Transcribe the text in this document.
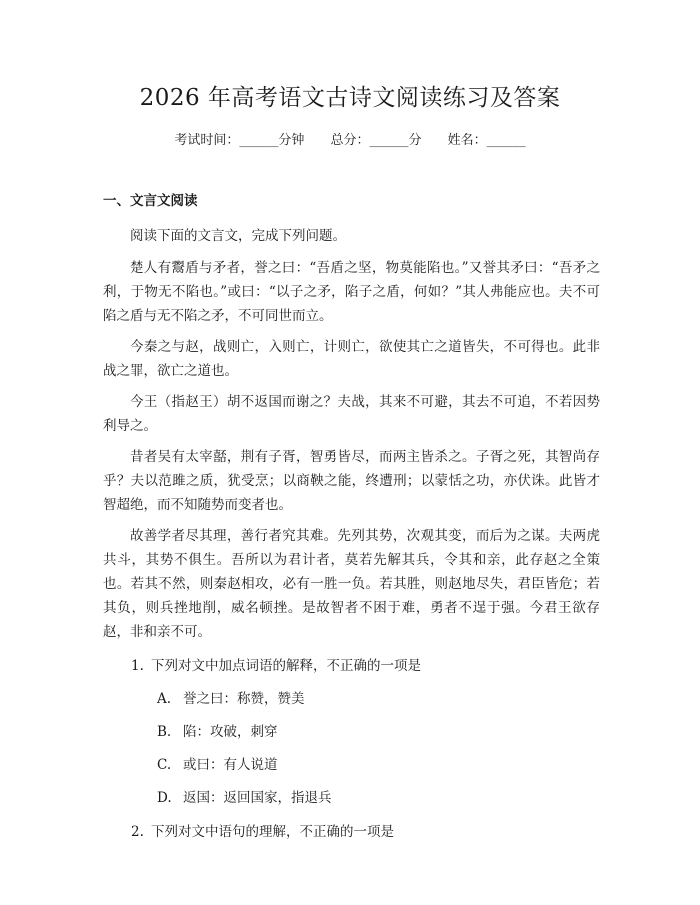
2026 年高考语文古诗文阅读练习及答案
考试时间：______分钟 总分：______分 姓名：______
一、文言文阅读

阅读下面的文言文，完成下列问题。

楚人有鬻盾与矛者，誉之曰：“吾盾之坚，物莫能陷也。”又誉其矛曰：“吾矛之利，于物无不陷也。”或曰：“以子之矛，陷子之盾，何如？”其人弗能应也。夫不可陷之盾与无不陷之矛，不可同世而立。

今秦之与赵，战则亡，入则亡，计则亡，欲使其亡之道皆失，不可得也。此非战之罪，欲亡之道也。

今王（指赵王）胡不返国而谢之？夫战，其来不可避，其去不可追，不若因势利导之。

昔者吴有太宰嚭，荆有子胥，智勇皆尽，而两主皆杀之。子胥之死，其智尚存乎？夫以范雎之质，犹受烹；以商鞅之能，终遭刑；以蒙恬之功，亦伏诛。此皆才智超绝，而不知随势而变者也。

故善学者尽其理，善行者究其难。先列其势，次观其变，而后为之谋。夫两虎共斗，其势不俱生。吾所以为君计者，莫若先解其兵，令其和亲，此存赵之全策也。若其不然，则秦赵相攻，必有一胜一负。若其胜，则赵地尽失，君臣皆危；若其负，则兵挫地削，威名顿挫。是故智者不困于难，勇者不逞于强。今君王欲存赵，非和亲不可。

1. 下列对文中加点词语的解释，不正确的一项是
A. 誉之曰：称赞，赞美
B. 陷：攻破，刺穿
C. 或曰：有人说道
D. 返国：返回国家，指退兵
2. 下列对文中语句的理解，不正确的一项是
